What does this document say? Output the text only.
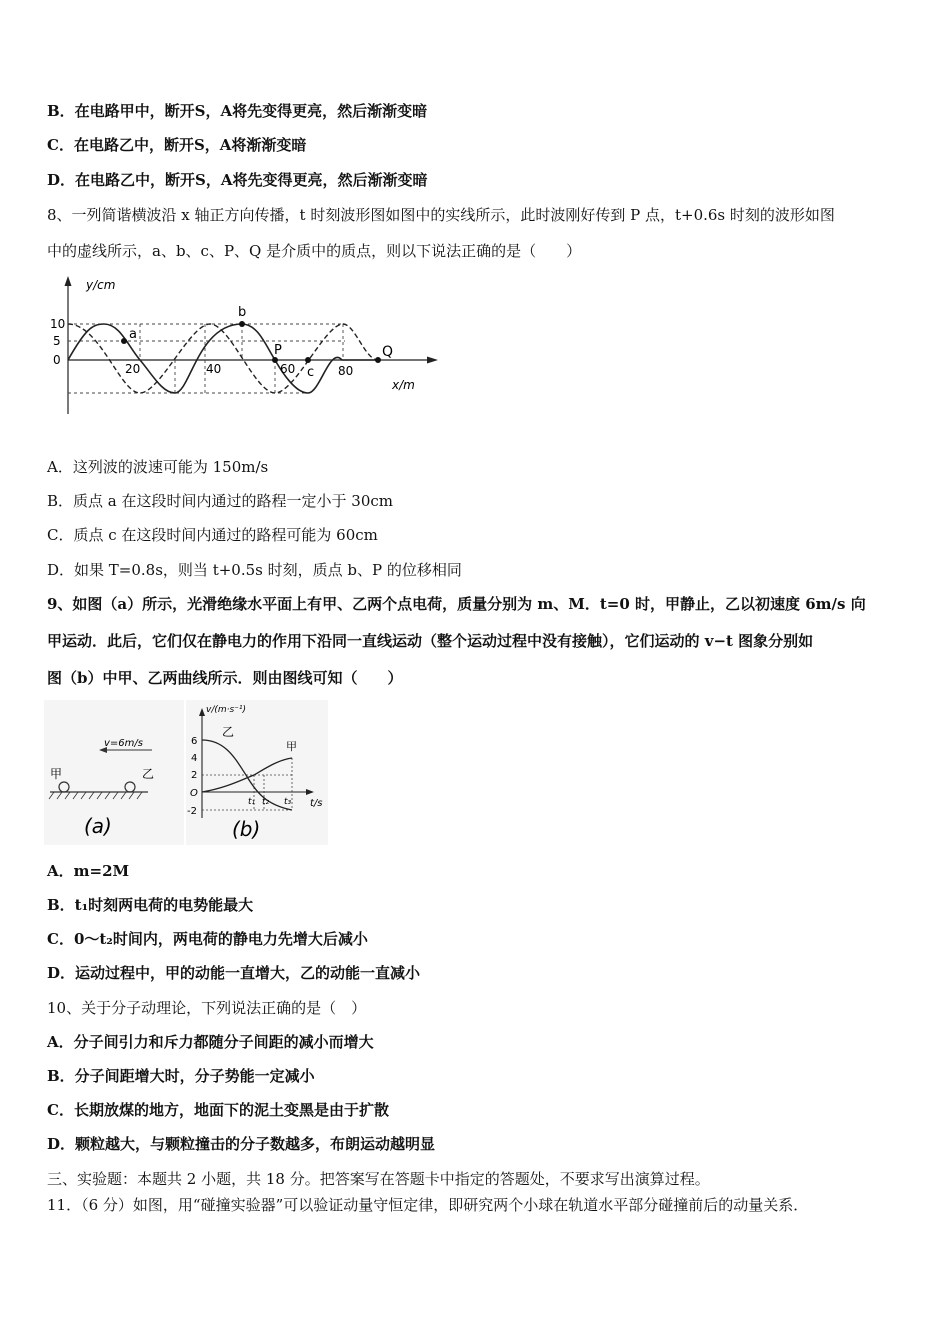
B．在电路甲中，断开S，A将先变得更亮，然后渐渐变暗
C．在电路乙中，断开S，A将渐渐变暗
D．在电路乙中，断开S，A将先变得更亮，然后渐渐变暗
8、一列简谐横波沿 x 轴正方向传播，t 时刻波形图如图中的实线所示，此时波刚好传到 P 点，t+0.6s 时刻的波形如图
中的虚线所示，a、b、c、P、Q 是介质中的质点，则以下说法正确的是（　　）
y/cm
x/m
10
5
0
20	40	60	80
a
b
P
c
Q
A．这列波的波速可能为 150m/s
B．质点 a 在这段时间内通过的路程一定小于 30cm
C．质点 c 在这段时间内通过的路程可能为 60cm
D．如果 T=0.8s，则当 t+0.5s 时刻，质点 b、P 的位移相同
9、如图（a）所示，光滑绝缘水平面上有甲、乙两个点电荷，质量分别为 m、M．t=0 时，甲静止，乙以初速度 6m/s 向
甲运动．此后，它们仅在静电力的作用下沿同一直线运动（整个运动过程中没有接触），它们运动的 v−t 图象分别如
图（b）中甲、乙两曲线所示．则由图线可知（　　）
v=6m/s
甲	乙
(a)
v/(m·s⁻¹)
t/s
6
4
2
O
-2
t₁ t₂ t₃
乙
甲
(b)
A．m=2M
B．t₁时刻两电荷的电势能最大
C．0～t₂时间内，两电荷的静电力先增大后减小
D．运动过程中，甲的动能一直增大，乙的动能一直减小
10、关于分子动理论，下列说法正确的是（　）
A．分子间引力和斥力都随分子间距的减小而增大
B．分子间距增大时，分子势能一定减小
C．长期放煤的地方，地面下的泥土变黑是由于扩散
D．颗粒越大，与颗粒撞击的分子数越多，布朗运动越明显
三、实验题：本题共 2 小题，共 18 分。把答案写在答题卡中指定的答题处，不要求写出演算过程。
11．（6 分）如图，用“碰撞实验器”可以验证动量守恒定律，即研究两个小球在轨道水平部分碰撞前后的动量关系．
